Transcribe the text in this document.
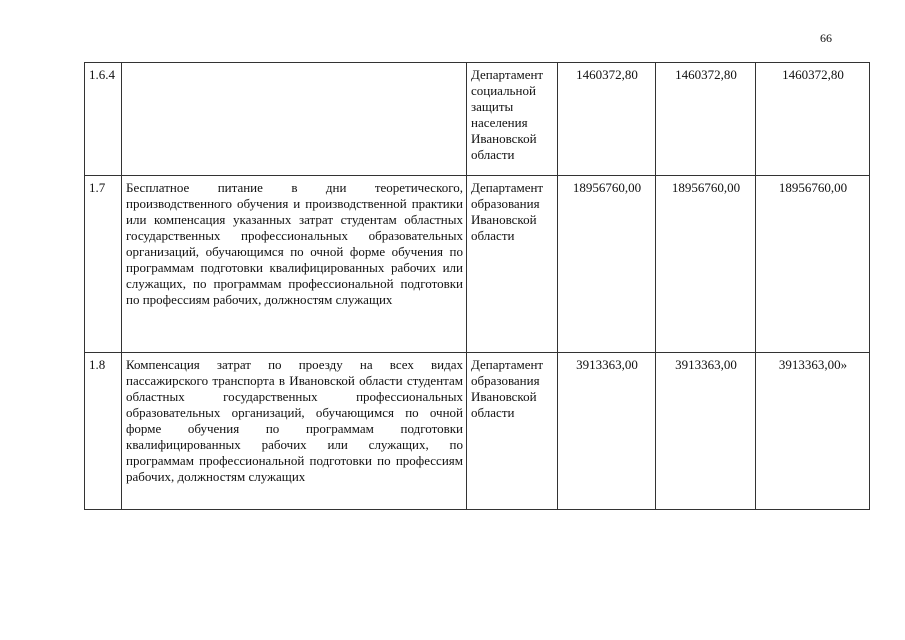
66
1.6.4		Департамент социальной защиты населения Ивановской области	1460372,80	1460372,80	1460372,80
1.7	Бесплатное питание в дни теоретического, производственного обучения и производственной практики или компенсация указанных затрат студентам областных государственных профессиональных образовательных организаций, обучающимся по очной форме обучения по программам подготовки квалифицированных рабочих или служащих, по программам профессиональной подготовки по профессиям рабочих, должностям служащих	Департамент образования Ивановской области	18956760,00	18956760,00	18956760,00
1.8	Компенсация затрат по проезду на всех видах пассажирского транспорта в Ивановской области студентам областных государственных профессиональных образовательных организаций, обучающимся по очной форме обучения по программам подготовки квалифицированных рабочих или служащих, по программам профессиональной подготовки по профессиям рабочих, должностям служащих	Департамент образования Ивановской области	3913363,00	3913363,00	3913363,00»
